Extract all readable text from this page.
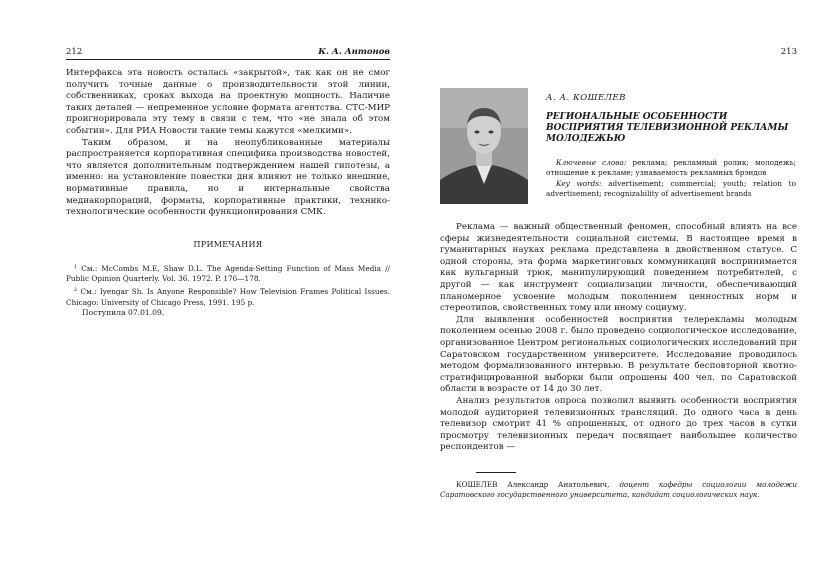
212	К. А. Антонов

Интерфакса эта новость осталась «закрытой», так как он не смог получить точные данные о производительности этой линии, собственниках, сроках выхода на проектную мощность. Наличие таких деталей — непременное условие формата агентства. СТС-МИР проигнорировала эту тему в связи с тем, что «не знала об этом событии». Для РИА Новости такие темы кажутся «мелкими».

Таким образом, и на неопубликованные материалы распространяется корпоративная специфика производства новостей, что является дополнительным подтверждением нашей гипотезы, а именно: на установление повестки дня влияют не только внешние, нормативные правила, но и интернальные свойства медиакорпораций, форматы, корпоративные практики, технико-технологические особенности функционирования СМК.

ПРИМЕЧАНИЯ

$^1$ См.: McCombs M.E, Shaw D.L. The Agenda-Setting Function of Mass Media // Public Opinion Quarterly. Vol. 36. 1972. P. 176—178.

$^2$ См.: Iyengar Sh. Is Anyone Responsible? How Television Frames Political Issues. Chicago: University of Chicago Press, 1991. 195 p.

Поступила 07.01.09.
213
А. А. КОШЕЛЕВ
РЕГИОНАЛЬНЫЕ ОСОБЕННОСТИ ВОСПРИЯТИЯ ТЕЛЕВИЗИОННОЙ РЕКЛАМЫ МОЛОДЕЖЬЮ

Ключевые слова: реклама; рекламный ролик; молодежь; отношение к рекламе; узнаваемость рекламных брэндов

Key words: advertisement; commercial; youth; relation to advertisement; recognizability of advertisement brands

Реклама — важный общественный феномен, способный влиять на все сферы жизнедеятельности социальной системы. В настоящее время в гуманитарных науках реклама представлена в двойственном статусе. С одной стороны, эта форма маркетинговых коммуникаций воспринимается как вульгарный трюк, манипулирующий поведением потребителей, с другой — как инструмент социализации личности, обеспечивающий планомерное усвоение молодым поколением ценностных норм и стереотипов, свойственных тому или иному социуму.

Для выявления особенностей восприятия телерекламы молодым поколением осенью 2008 г. было проведено социологическое исследование, организованное Центром региональных социологических исследований при Саратовском государственном университете. Исследование проводилось методом формализованного интервью. В результате бесповторной квотно-стратифицированной выборки были опрошены 400 чел. по Саратовской области в возрасте от 14 до 30 лет.

Анализ результатов опроса позволил выявить особенности восприятия молодой аудиторией телевизионных трансляций. До одного часа в день телевизор смотрит 41 % опрошенных, от одного до трех часов в сутки просмотру телевизионных передач посвящает наибольшее количество респондентов —

КОШЕЛЕВ Александр Анатольевич, доцент кафедры социологии молодежи Саратовского государственного университета, кандидат социологических наук.
